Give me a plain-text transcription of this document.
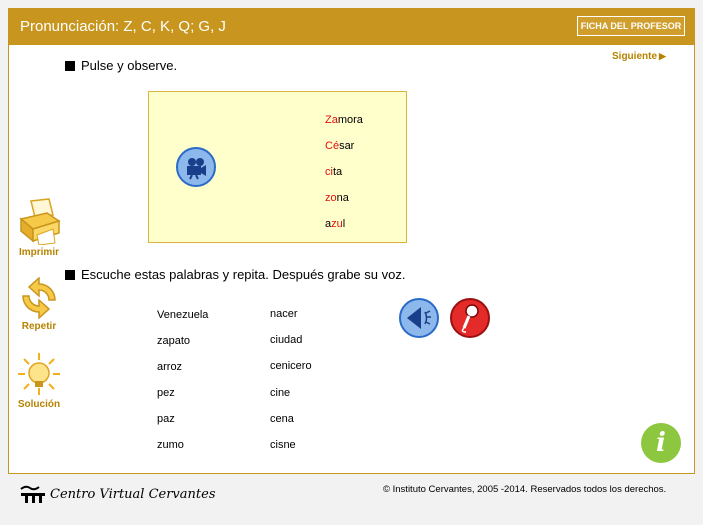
Pronunciación: Z, C, K, Q; G, J	FICHA DEL PROFESOR
Siguiente ▶
Pulse y observe.
Zamora
César
cita
zona
azul
Imprimir
Repetir
Solución
Escuche estas palabras y repita. Después grabe su voz.
Venezuela
zapato
arroz
pez
paz
zumo
nacer
ciudad
cenicero
cine
cena
cisne	i
Centro Virtual Cervantes	© Instituto Cervantes, 2005 -2014. Reservados todos los derechos.
